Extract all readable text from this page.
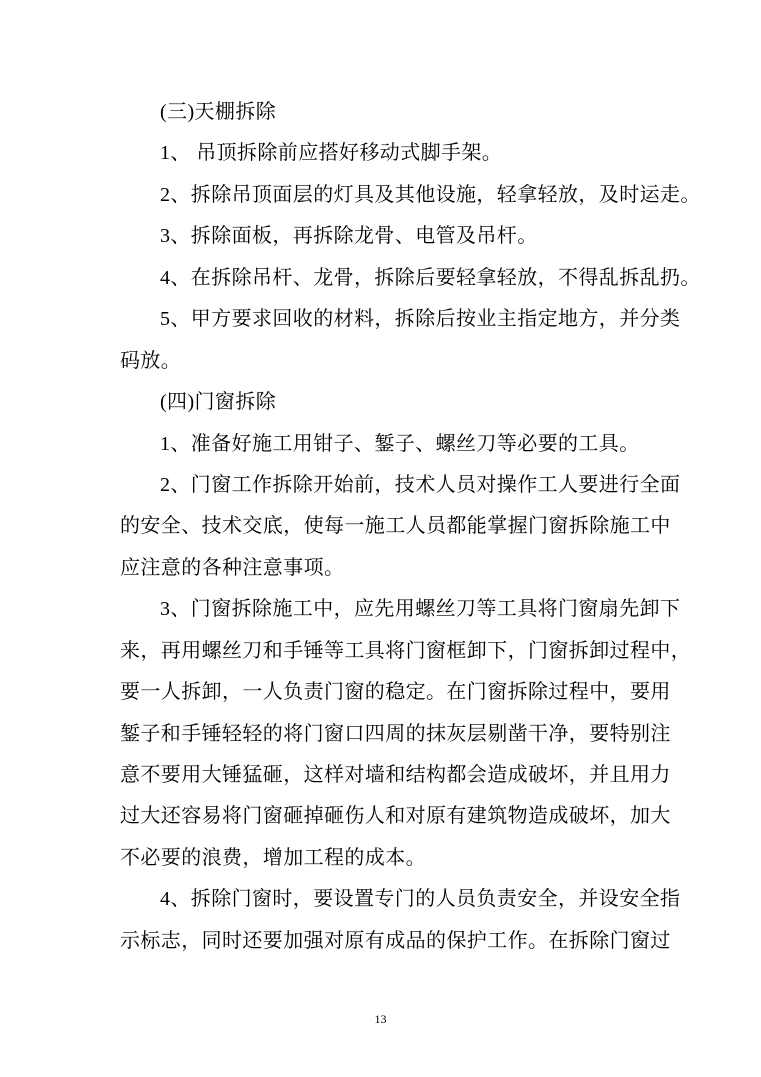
(三)天棚拆除
1、 吊顶拆除前应搭好移动式脚手架。
2、拆除吊顶面层的灯具及其他设施，轻拿轻放，及时运走。
3、拆除面板，再拆除龙骨、电管及吊杆。
4、在拆除吊杆、龙骨，拆除后要轻拿轻放，不得乱拆乱扔。
5、甲方要求回收的材料，拆除后按业主指定地方，并分类
码放。
(四)门窗拆除
1、准备好施工用钳子、錾子、螺丝刀等必要的工具。
2、门窗工作拆除开始前，技术人员对操作工人要进行全面
的安全、技术交底，使每一施工人员都能掌握门窗拆除施工中
应注意的各种注意事项。
3、门窗拆除施工中，应先用螺丝刀等工具将门窗扇先卸下
来，再用螺丝刀和手锤等工具将门窗框卸下，门窗拆卸过程中，
要一人拆卸，一人负责门窗的稳定。在门窗拆除过程中，要用
錾子和手锤轻轻的将门窗口四周的抹灰层剔凿干净，要特别注
意不要用大锤猛砸，这样对墙和结构都会造成破坏，并且用力
过大还容易将门窗砸掉砸伤人和对原有建筑物造成破坏，加大
不必要的浪费，增加工程的成本。
4、拆除门窗时，要设置专门的人员负责安全，并设安全指
示标志，同时还要加强对原有成品的保护工作。在拆除门窗过
13
